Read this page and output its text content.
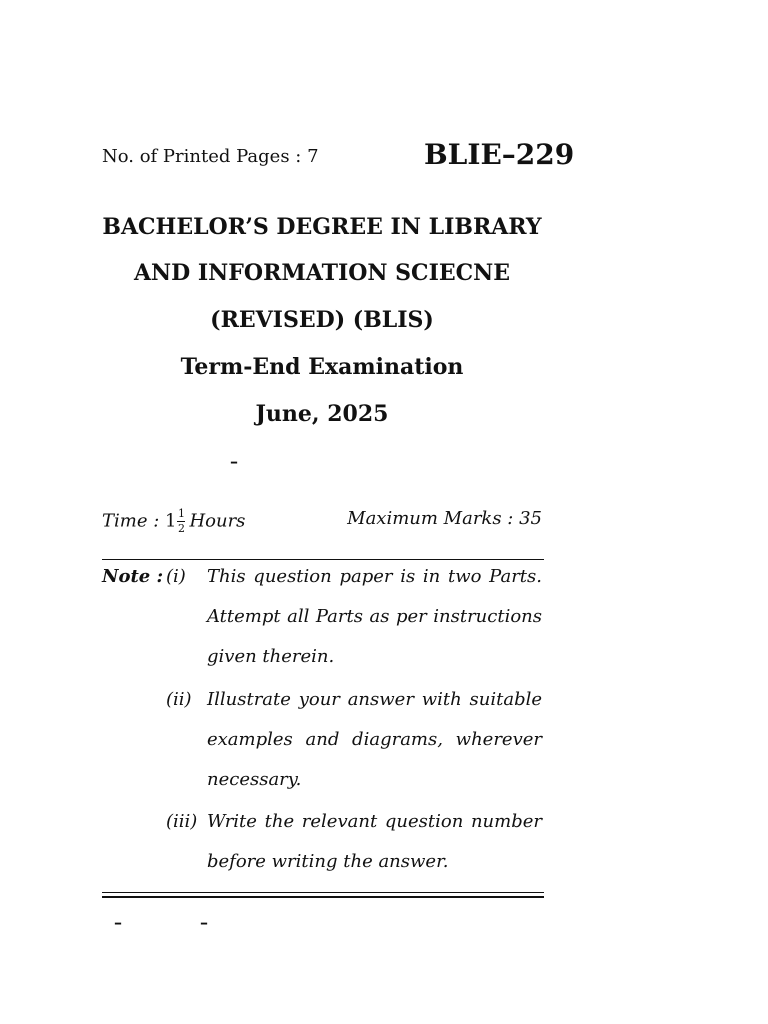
No. of Printed Pages : 7	BLIE–229
BACHELOR’S DEGREE IN LIBRARY
AND INFORMATION SCIECNE
(REVISED) (BLIS)
Term-End Examination
June, 2025
–
Time : $1 \frac{1}{2}$ Hours	Maximum Marks : 35
Note : (i) This question paper is in two Parts.
Attempt all Parts as per instructions
given therein.
(ii) Illustrate your answer with suitable
examples and diagrams, wherever
necessary.
(iii) Write the relevant question number
before writing the answer.
–	–
